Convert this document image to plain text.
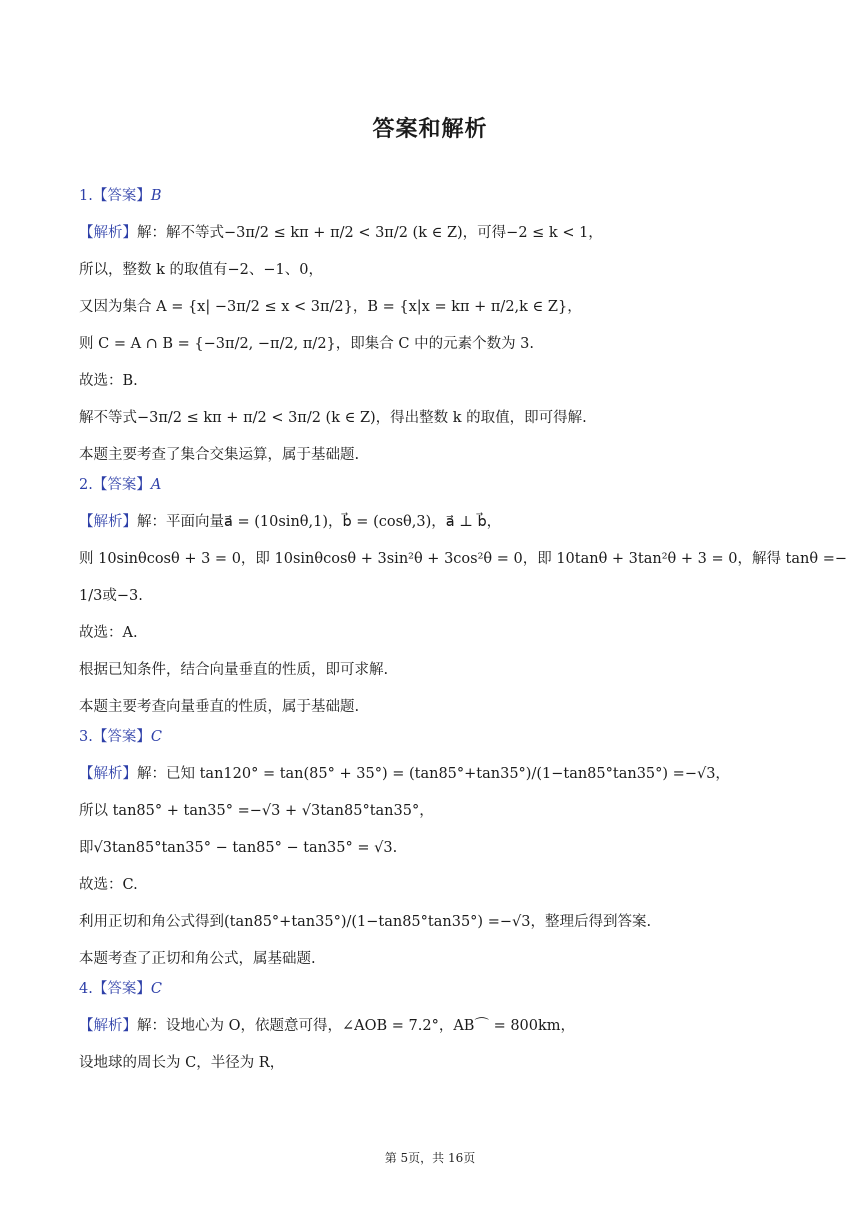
答案和解析
1.【答案】B
【解析】解：解不等式−3π/2 ≤ kπ + π/2 < 3π/2 (k ∈ Z)，可得−2 ≤ k < 1，
所以，整数 k 的取值有−2、−1、0，
又因为集合 A = {x| −3π/2 ≤ x < 3π/2}，B = {x|x = kπ + π/2,k ∈ Z}，
则 C = A ∩ B = {−3π/2, −π/2, π/2}，即集合 C 中的元素个数为 3.
故选：B.
解不等式−3π/2 ≤ kπ + π/2 < 3π/2 (k ∈ Z)，得出整数 k 的取值，即可得解.
本题主要考查了集合交集运算，属于基础题.
2.【答案】A
【解析】解：平面向量a⃗ = (10sinθ,1)，b⃗ = (cosθ,3)，a⃗ ⊥ b⃗，
则 10sinθcosθ + 3 = 0，即 10sinθcosθ + 3sin²θ + 3cos²θ = 0，即 10tanθ + 3tan²θ + 3 = 0，解得 tanθ =−
1/3或−3.
故选：A.
根据已知条件，结合向量垂直的性质，即可求解.
本题主要考查向量垂直的性质，属于基础题.
3.【答案】C
【解析】解：已知 tan120° = tan(85° + 35°) = (tan85°+tan35°)/(1−tan85°tan35°) =−√3，
所以 tan85° + tan35° =−√3 + √3tan85°tan35°，
即√3tan85°tan35° − tan85° − tan35° = √3.
故选：C.
利用正切和角公式得到(tan85°+tan35°)/(1−tan85°tan35°) =−√3，整理后得到答案.
本题考查了正切和角公式，属基础题.
4.【答案】C
【解析】解：设地心为 O，依题意可得，∠AOB = 7.2°，AB⌒ = 800km，
设地球的周长为 C，半径为 R，
第 5页，共 16页
